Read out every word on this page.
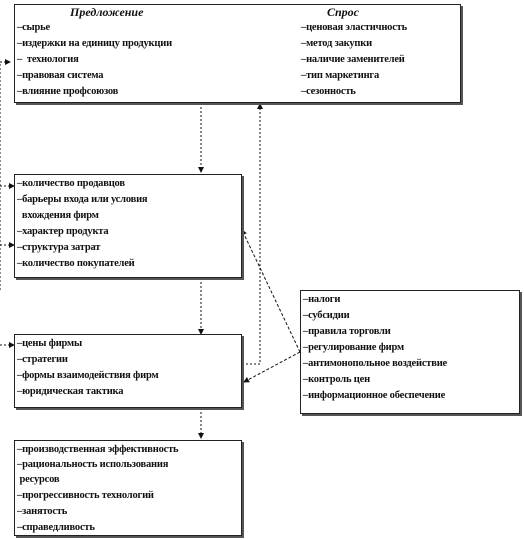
Предложение	Спрос
–сырье
–издержки на единицу продукции
–  технология
–правовая система
–влияние профсоюзов
–ценовая эластичность
–метод закупки
–наличие заменителей
–тип маркетинга
–сезонность
–количество продавцов
–барьеры входа или условия
вхождения фирм
–характер продукта
–структура затрат
–количество покупателей
–цены фирмы
–стратегии
–формы взаимодействия фирм
–юридическая тактика
–налоги
–субсидии
–правила торговли
–регулирование фирм
–антимонопольное воздействие
–контроль цен
–информационное обеспечение
–производственная эффективность
–рациональность использования
ресурсов
–прогрессивность технологий
–занятость
–справедливость
